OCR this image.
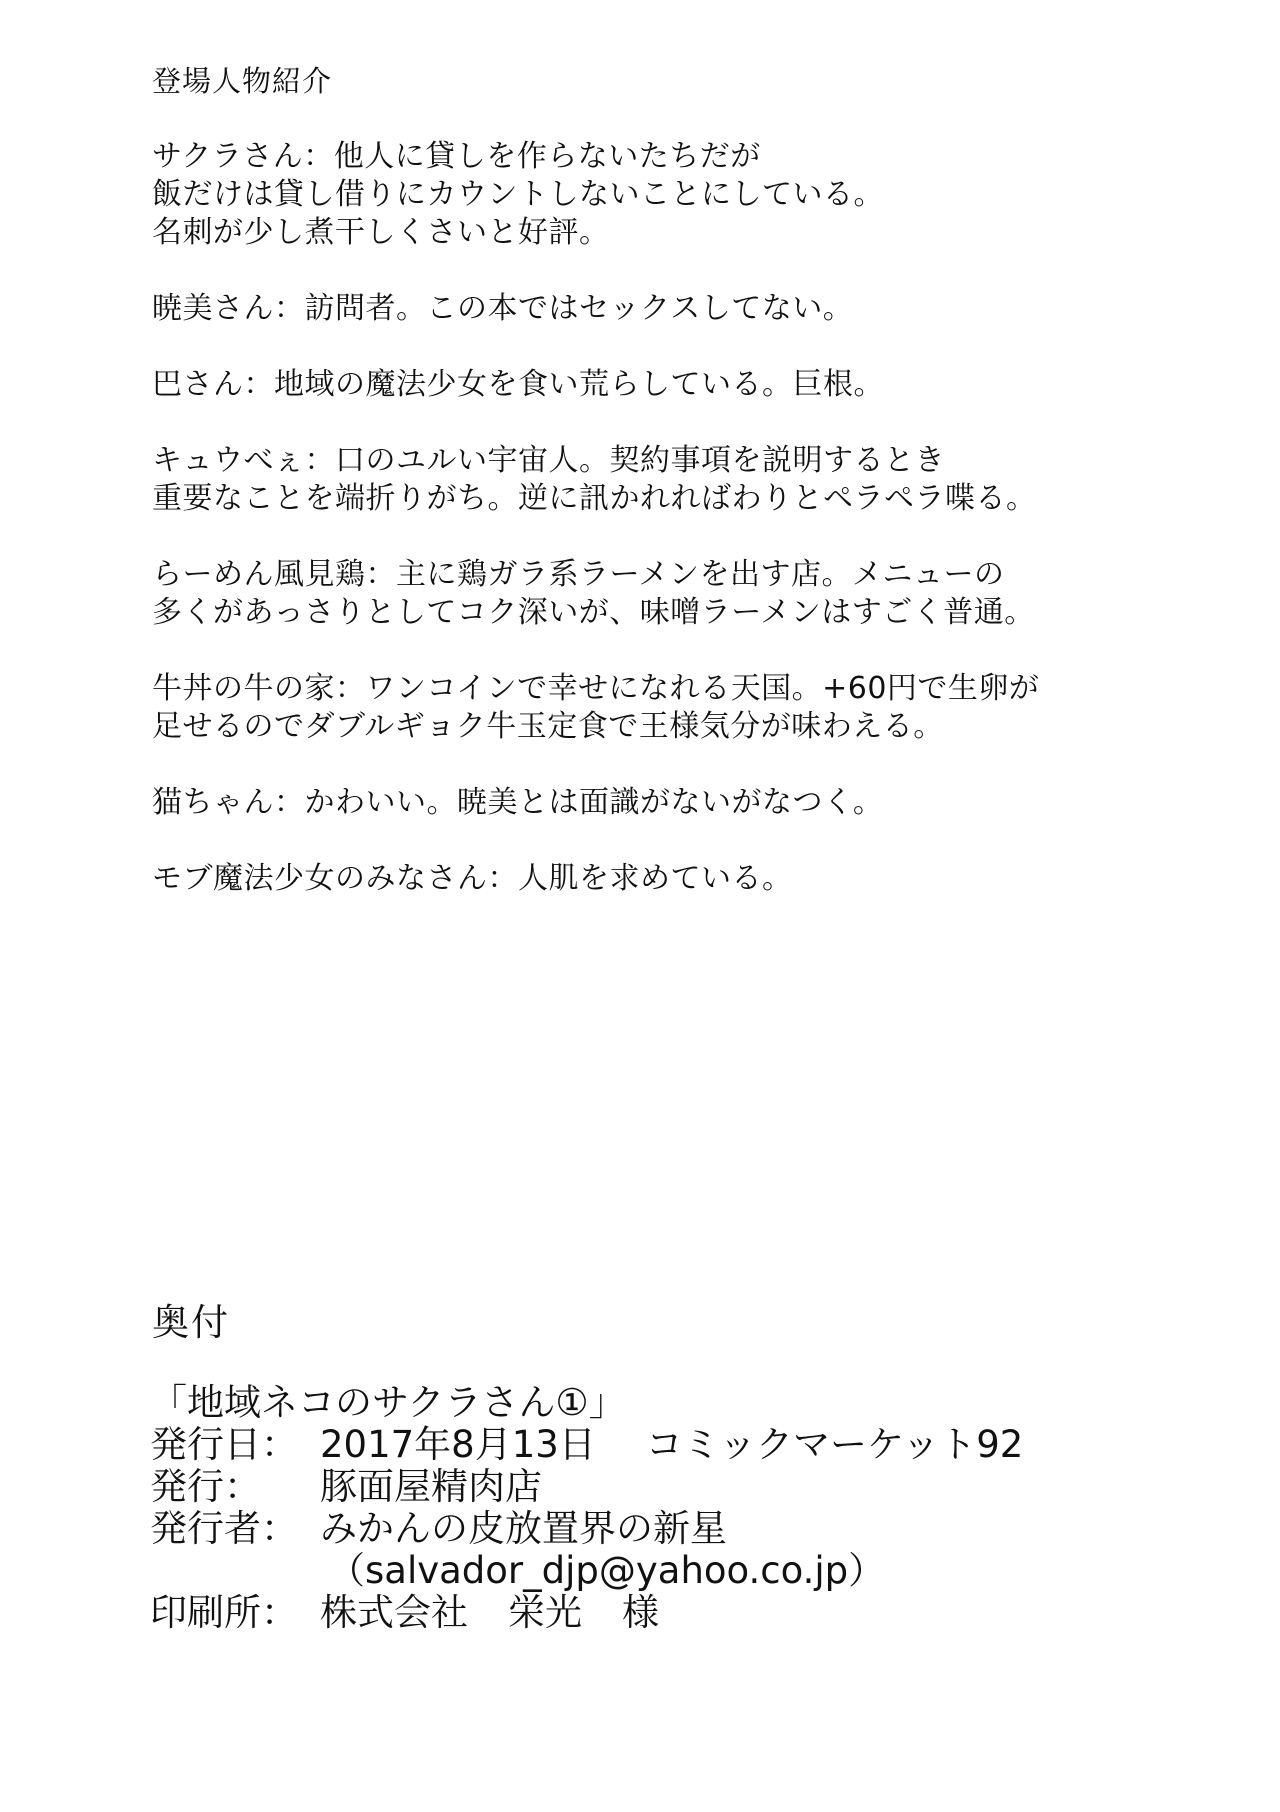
登場人物紹介
サクラさん：他人に貸しを作らないたちだが
飯だけは貸し借りにカウントしないことにしている。
名刺が少し煮干しくさいと好評。
暁美さん：訪問者。この本ではセックスしてない。
巴さん：地域の魔法少女を食い荒らしている。巨根。
キュウべぇ：口のユルい宇宙人。契約事項を説明するとき
重要なことを端折りがち。逆に訊かれればわりとペラペラ喋る。
らーめん風見鶏：主に鶏ガラ系ラーメンを出す店。メニューの
多くがあっさりとしてコク深いが、味噌ラーメンはすごく普通。
牛丼の牛の家：ワンコインで幸せになれる天国。+60円で生卵が
足せるのでダブルギョク牛玉定食で王様気分が味わえる。
猫ちゃん：かわいい。暁美とは面識がないがなつく。
モブ魔法少女のみなさん：人肌を求めている。
奥付
「地域ネコのサクラさん①」
発行日： 2017年8月13日 コミックマーケット92
発行：	豚面屋精肉店
発行者： みかんの皮放置界の新星
（salvador_djp@yahoo.co.jp）
印刷所： 株式会社 栄光 様
